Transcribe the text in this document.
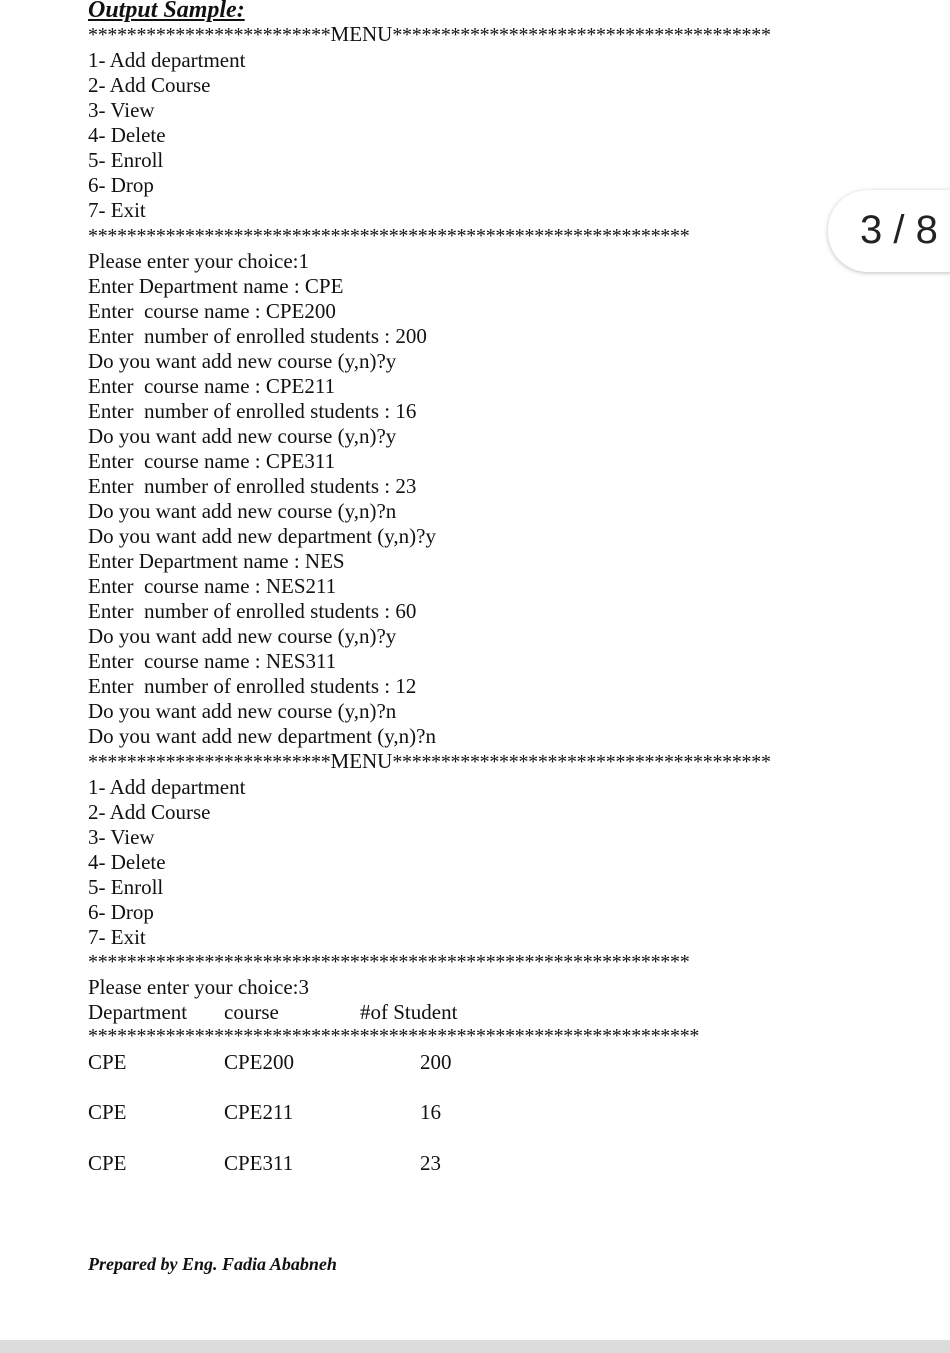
Output Sample:
*************************MENU***************************************
1- Add department
2- Add Course
3- View
4- Delete
5- Enroll
6- Drop
7- Exit
**************************************************************
Please enter your choice:1
Enter Department name : CPE
Enter  course name : CPE200
Enter  number of enrolled students : 200
Do you want add new course (y,n)?y
Enter  course name : CPE211
Enter  number of enrolled students : 16
Do you want add new course (y,n)?y
Enter  course name : CPE311
Enter  number of enrolled students : 23
Do you want add new course (y,n)?n
Do you want add new department (y,n)?y
Enter Department name : NES
Enter  course name : NES211
Enter  number of enrolled students : 60
Do you want add new course (y,n)?y
Enter  course name : NES311
Enter  number of enrolled students : 12
Do you want add new course (y,n)?n
Do you want add new department (y,n)?n
*************************MENU***************************************
1- Add department
2- Add Course
3- View
4- Delete
5- Enroll
6- Drop
7- Exit
**************************************************************
Please enter your choice:3
Department course	#of Student
***************************************************************
CPE	CPE200	200
CPE	CPE211	16
CPE	CPE311	23
Prepared by Eng. Fadia Ababneh
3 / 8
